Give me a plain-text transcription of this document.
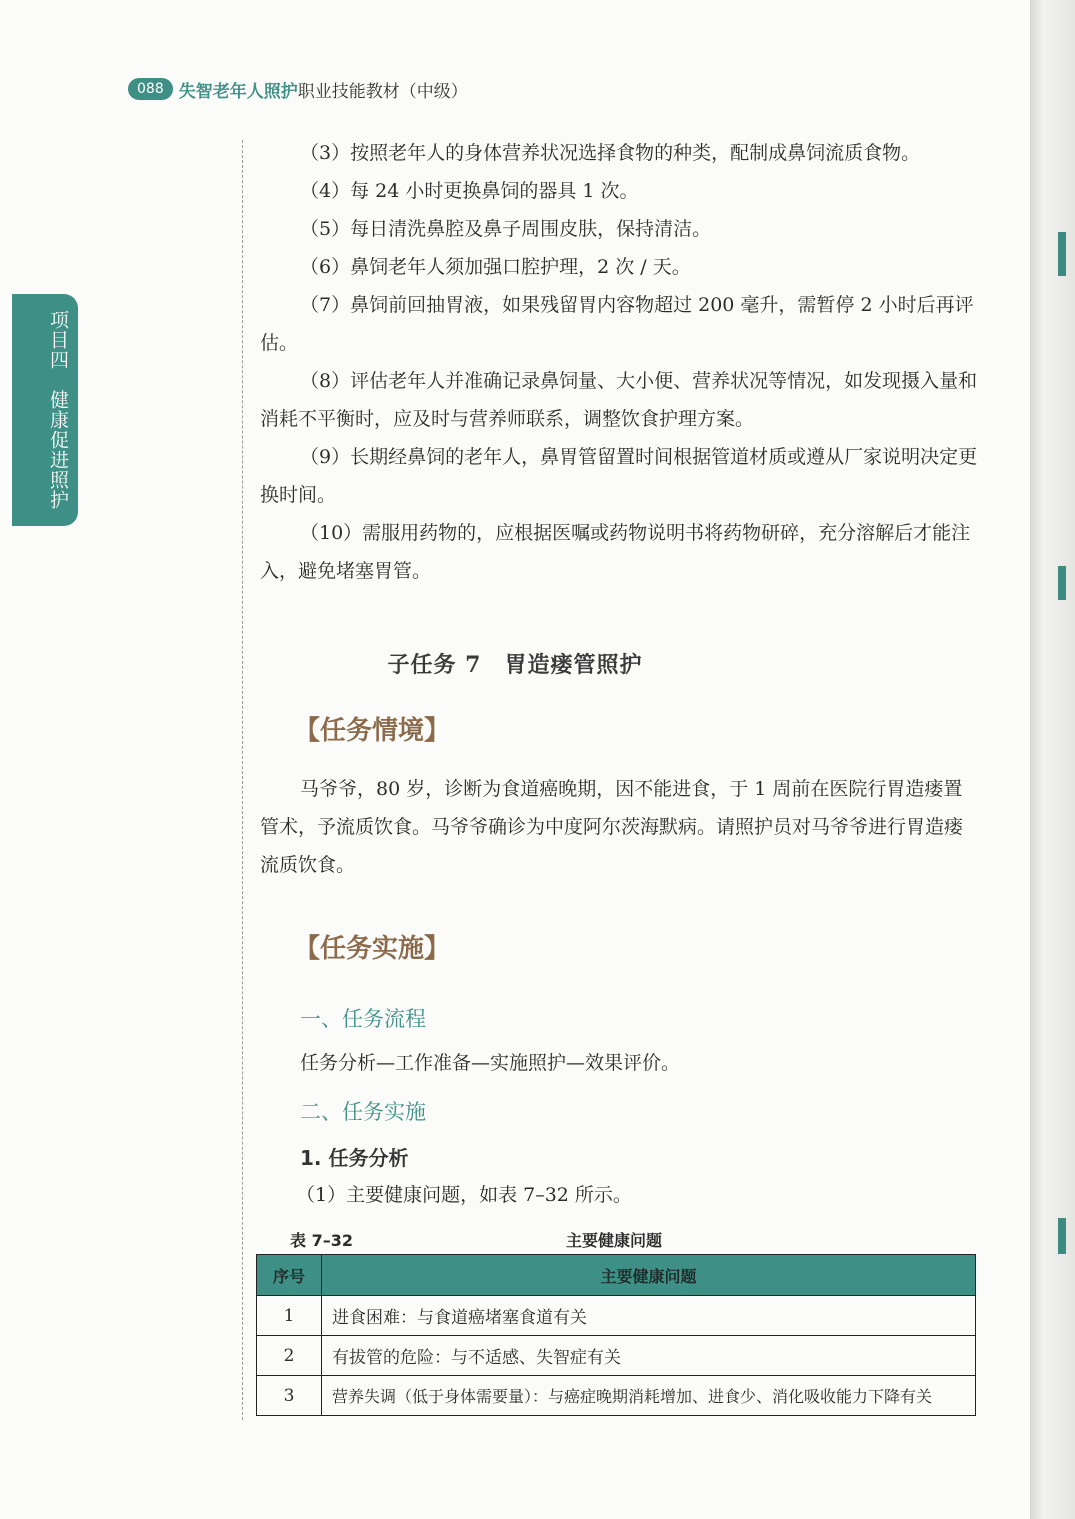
088 失智老年人照护职业技能教材（中级）
项目四　健康促进照护

（3）按照老年人的身体营养状况选择食物的种类，配制成鼻饲流质食物。

（4）每 24 小时更换鼻饲的器具 1 次。

（5）每日清洗鼻腔及鼻子周围皮肤，保持清洁。

（6）鼻饲老年人须加强口腔护理，2 次 / 天。

（7）鼻饲前回抽胃液，如果残留胃内容物超过 200 毫升，需暂停 2 小时后再评估。

（8）评估老年人并准确记录鼻饲量、大小便、营养状况等情况，如发现摄入量和消耗不平衡时，应及时与营养师联系，调整饮食护理方案。

（9）长期经鼻饲的老年人，鼻胃管留置时间根据管道材质或遵从厂家说明决定更换时间。

（10）需服用药物的，应根据医嘱或药物说明书将药物研碎，充分溶解后才能注入，避免堵塞胃管。

子任务 7　胃造瘘管照护
【任务情境】

马爷爷，80 岁，诊断为食道癌晚期，因不能进食，于 1 周前在医院行胃造瘘置管术，予流质饮食。马爷爷确诊为中度阿尔茨海默病。请照护员对马爷爷进行胃造瘘流质饮食。

【任务实施】
一、任务流程
任务分析—工作准备—实施照护—效果评价。
二、任务实施
1. 任务分析
（1）主要健康问题，如表 7–32 所示。
表 7–32	主要健康问题
序号	主要健康问题
1	进食困难：与食道癌堵塞食道有关
2	有拔管的危险：与不适感、失智症有关
3	营养失调（低于身体需要量）：与癌症晚期消耗增加、进食少、消化吸收能力下降有关
